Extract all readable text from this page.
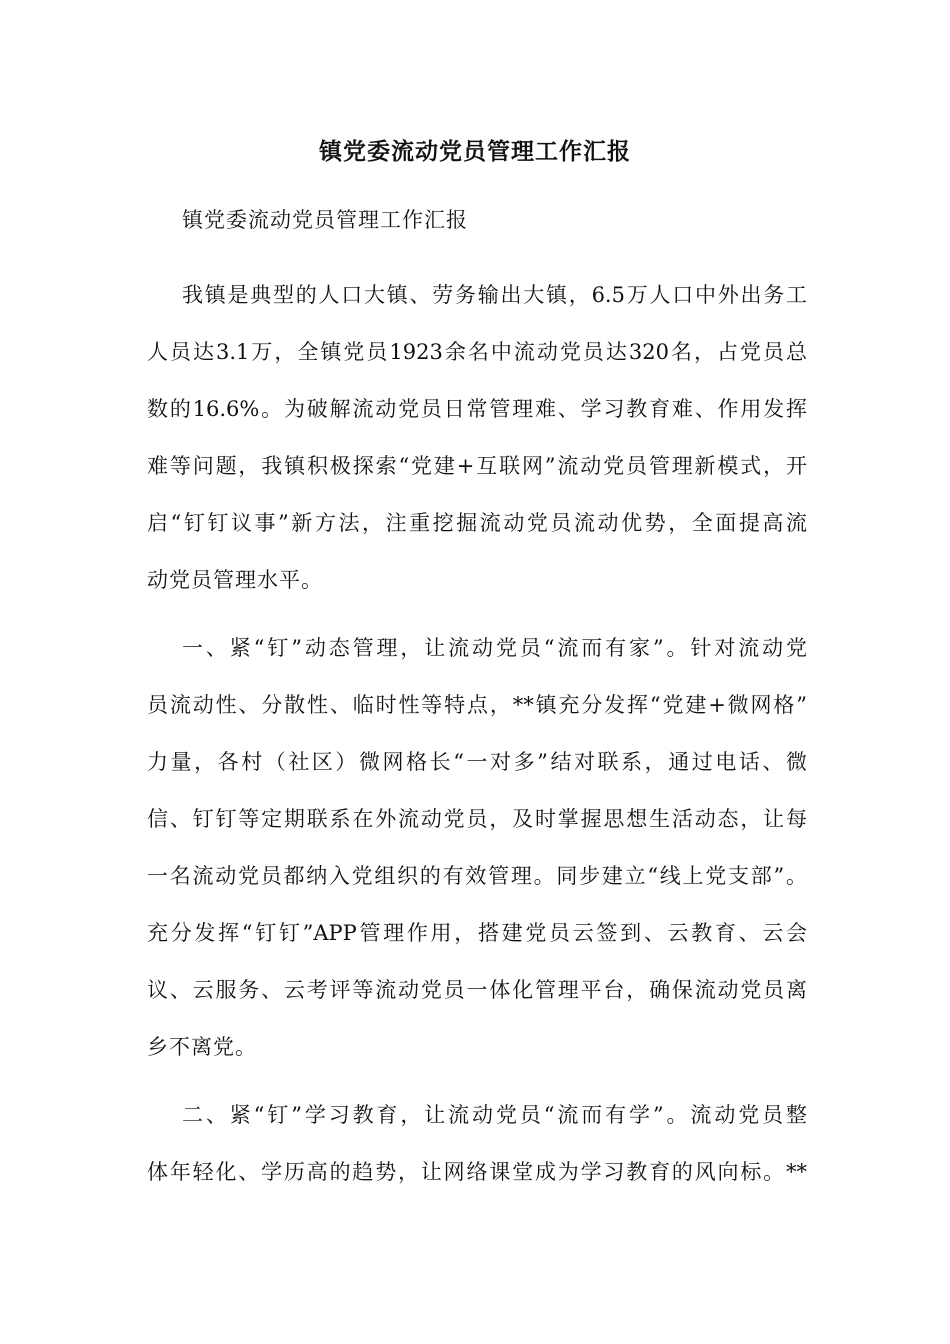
镇党委流动党员管理工作汇报
镇党委流动党员管理工作汇报
我镇是典型的人口大镇、劳务输出大镇，6.5万人口中外出务工
人员达3.1万，全镇党员1923余名中流动党员达320名，占党员总
数的16.6%。为破解流动党员日常管理难、学习教育难、作用发挥
难等问题，我镇积极探索“党建+互联网”流动党员管理新模式，开
启“钉钉议事”新方法，注重挖掘流动党员流动优势，全面提高流
动党员管理水平。
一、紧“钉”动态管理，让流动党员“流而有家”。针对流动党
员流动性、分散性、临时性等特点，**镇充分发挥“党建+微网格”
力量，各村（社区）微网格长“一对多”结对联系，通过电话、微
信、钉钉等定期联系在外流动党员，及时掌握思想生活动态，让每
一名流动党员都纳入党组织的有效管理。同步建立“线上党支部”。
充分发挥“钉钉”APP管理作用，搭建党员云签到、云教育、云会
议、云服务、云考评等流动党员一体化管理平台，确保流动党员离
乡不离党。
二、紧“钉”学习教育，让流动党员“流而有学”。流动党员整
体年轻化、学历高的趋势，让网络课堂成为学习教育的风向标。**
